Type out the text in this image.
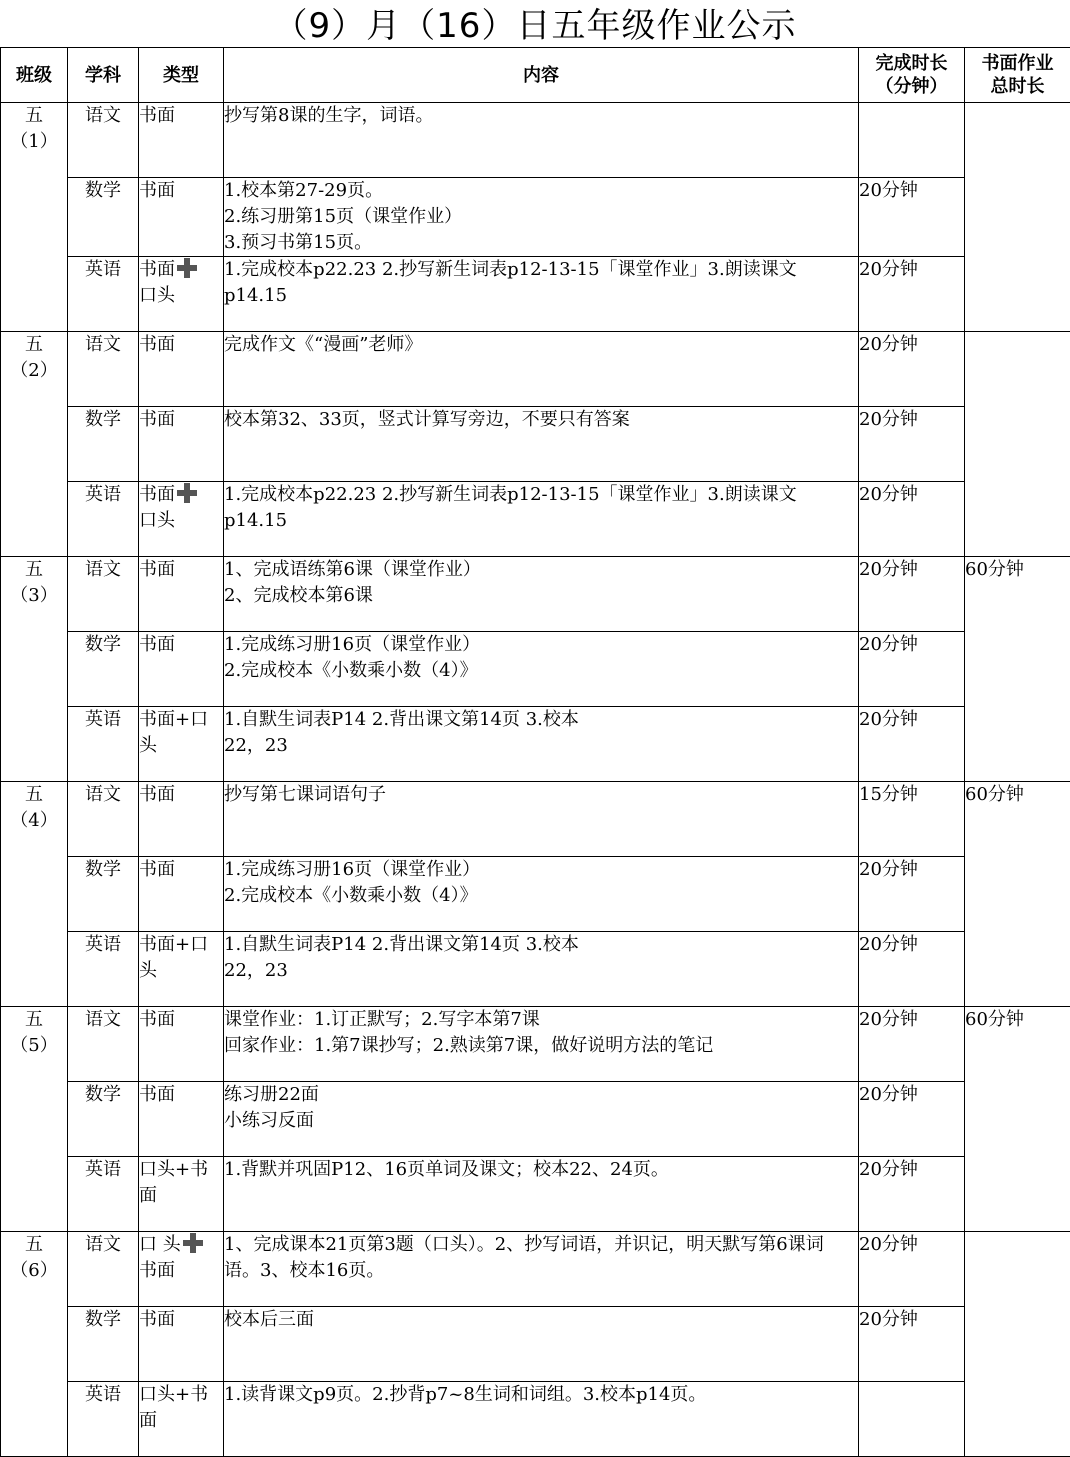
（9）月（16）日五年级作业公示
班级	学科	类型	内容	完成时长
（分钟）	书面作业
总时长
五
（1）	语文	书面	抄写第8课的生字，词语。		
	数学	书面	1.校本第27-29页。
2.练习册第15页（课堂作业）
3.预习书第15页。	20分钟	
	英语	书面
口头	1.完成校本p22.23 2.抄写新生词表p12-13-15「课堂作业」3.朗读课文p14.15	20分钟	
五
（2）	语文	书面	完成作文《“漫画”老师》	20分钟	
	数学	书面	校本第32、33页，竖式计算写旁边，不要只有答案	20分钟	
	英语	书面
口头	1.完成校本p22.23 2.抄写新生词表p12-13-15「课堂作业」3.朗读课文p14.15	20分钟	
五
（3）	语文	书面	1、完成语练第6课（课堂作业）
2、完成校本第6课	20分钟	60分钟
	数学	书面	1.完成练习册16页（课堂作业）
2.完成校本《小数乘小数（4）》	20分钟	
	英语	书面+口
头	1.自默生词表P14 2.背出课文第14页 3.校本
22，23	20分钟	
五
（4）	语文	书面	抄写第七课词语句子	15分钟	60分钟
	数学	书面	1.完成练习册16页（课堂作业）
2.完成校本《小数乘小数（4）》	20分钟	
	英语	书面+口
头	1.自默生词表P14 2.背出课文第14页 3.校本
22，23	20分钟	
五
（5）	语文	书面	课堂作业：1.订正默写；2.写字本第7课
回家作业：1.第7课抄写；2.熟读第7课，做好说明方法的笔记	20分钟	60分钟
	数学	书面	练习册22面
小练习反面	20分钟	
	英语	口头+书
面	1.背默并巩固P12、16页单词及课文；校本22、24页。	20分钟	
五
（6）	语文	口 头
书面	1、完成课本21页第3题（口头）。2、抄写词语，并识记，明天默写第6课词语。3、校本16页。	20分钟	
	数学	书面	校本后三面	20分钟	
	英语	口头+书
面	1.读背课文p9页。2.抄背p7~8生词和词组。3.校本p14页。		
